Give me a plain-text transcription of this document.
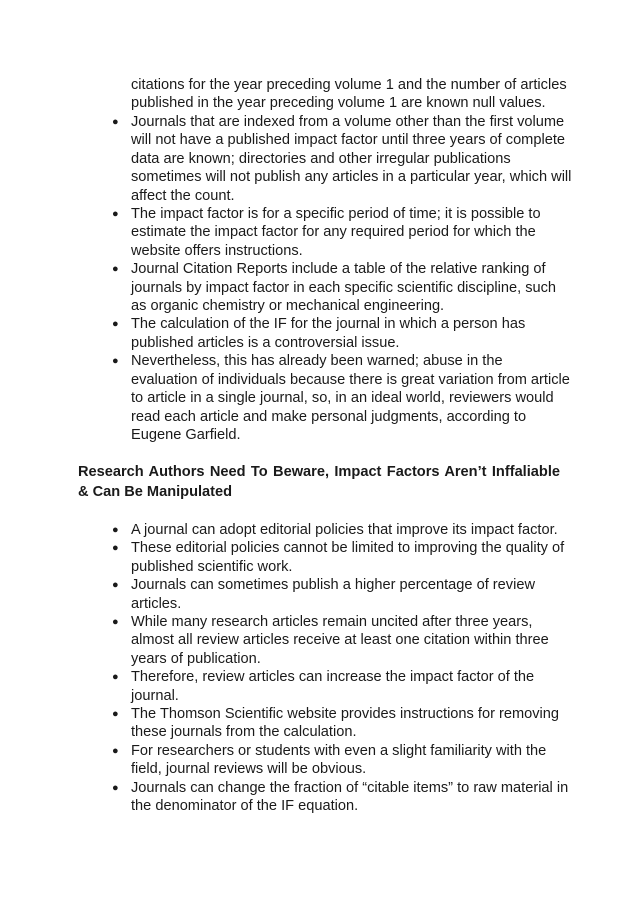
citations for the year preceding volume 1 and the number of articles published in the year preceding volume 1 are known null values.

● Journals that are indexed from a volume other than the first volume will not have a published impact factor until three years of complete data are known; directories and other irregular publications sometimes will not publish any articles in a particular year, which will affect the count.
● The impact factor is for a specific period of time; it is possible to estimate the impact factor for any required period for which the website offers instructions.
● Journal Citation Reports include a table of the relative ranking of journals by impact factor in each specific scientific discipline, such as organic chemistry or mechanical engineering.
● The calculation of the IF for the journal in which a person has published articles is a controversial issue.
● Nevertheless, this has already been warned; abuse in the evaluation of individuals because there is great variation from article to article in a single journal, so, in an ideal world, reviewers would read each article and make personal judgments, according to Eugene Garfield.
Research Authors Need To Beware, Impact Factors Aren’t Inffaliable & Can Be Manipulated
● A journal can adopt editorial policies that improve its impact factor.
● These editorial policies cannot be limited to improving the quality of published scientific work.
● Journals can sometimes publish a higher percentage of review articles.
● While many research articles remain uncited after three years, almost all review articles receive at least one citation within three years of publication.
● Therefore, review articles can increase the impact factor of the journal.
● The Thomson Scientific website provides instructions for removing these journals from the calculation.
● For researchers or students with even a slight familiarity with the field, journal reviews will be obvious.
● Journals can change the fraction of “citable items” to raw material in the denominator of the IF equation.
